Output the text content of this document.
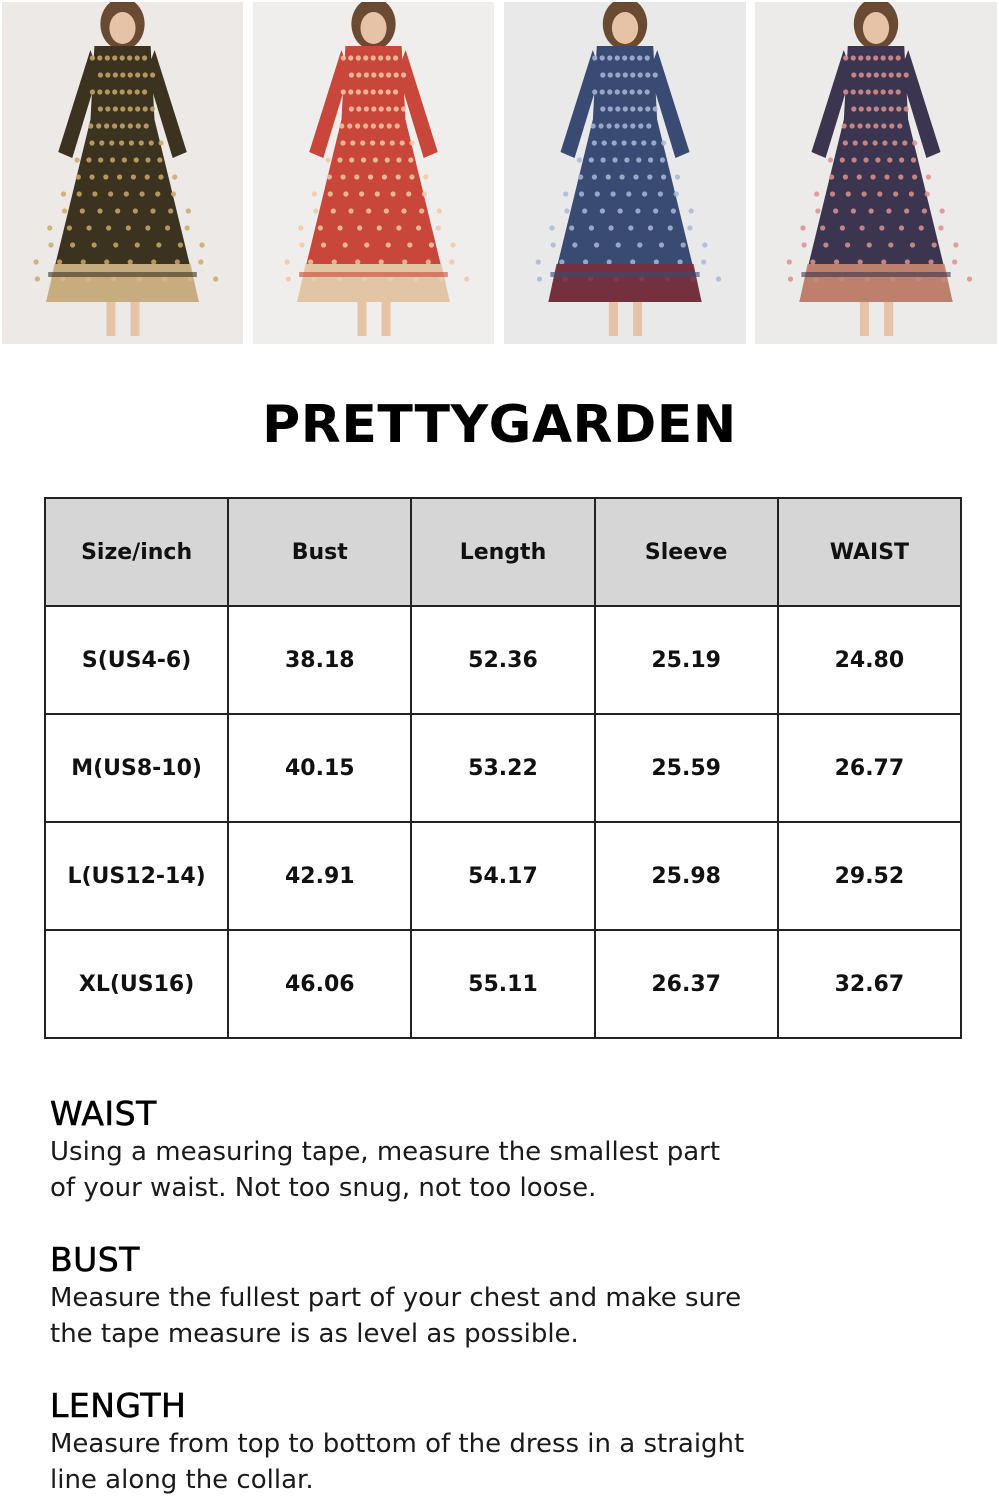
PRETTYGARDEN
Size/inch	Bust	Length	Sleeve	WAIST
S(US4-6)	38.18	52.36	25.19	24.80
M(US8-10)	40.15	53.22	25.59	26.77
L(US12-14)	42.91	54.17	25.98	29.52
XL(US16)	46.06	55.11	26.37	32.67
WAIST

Using a measuring tape, measure the smallest part
of your waist. Not too snug, not too loose.

BUST

Measure the fullest part of your chest and make sure
the tape measure is as level as possible.

LENGTH

Measure from top to bottom of the dress in a straight
line along the collar.
